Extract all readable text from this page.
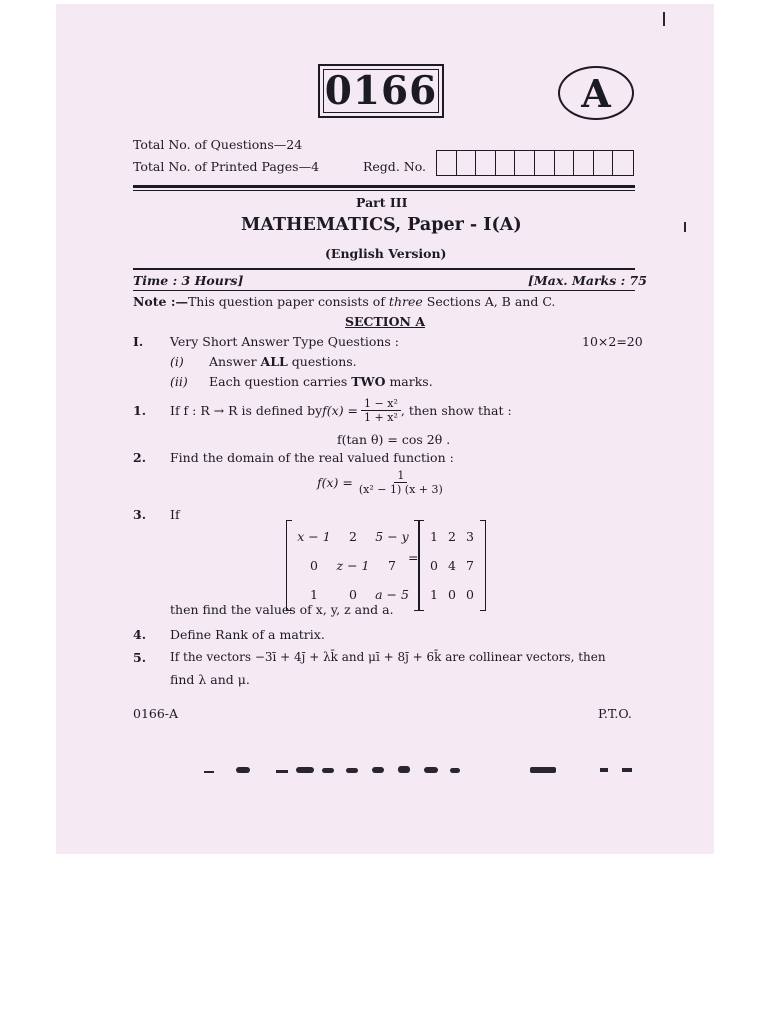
0166	A
Total No. of Questions—24
Total No. of Printed Pages—4	Regd. No.
Part III
MATHEMATICS, Paper - I(A)
(English Version)
Time : 3 Hours]	[Max. Marks : 75
Note :—This question paper consists of three Sections A, B and C.
SECTION A
I. Very Short Answer Type Questions :	10×2=20
(i) Answer ALL questions.
(ii) Each question carries TWO marks.
1. If f : R → R is defined by $f(x) = \frac{\text{1 − x²}}{\text{1 + x²}}$ , then show that :
f(tan θ) = cos 2θ .
2. Find the domain of the real valued function :
$f(x) = \frac{1}{\text{(x² − 1) (x + 3)}}$
3. If
x − 1	2	5 − y
0	z − 1	7
1	0	a − 5
=
1 2 3
0 4 7
1 0 0
then find the values of x, y, z and a.
4. Define Rank of a matrix.
5. If the vectors −3ī + 4j̄ + λk̄ and μī + 8j̄ + 6k̄ are collinear vectors, then
find λ and μ.
0166-A	P.T.O.
